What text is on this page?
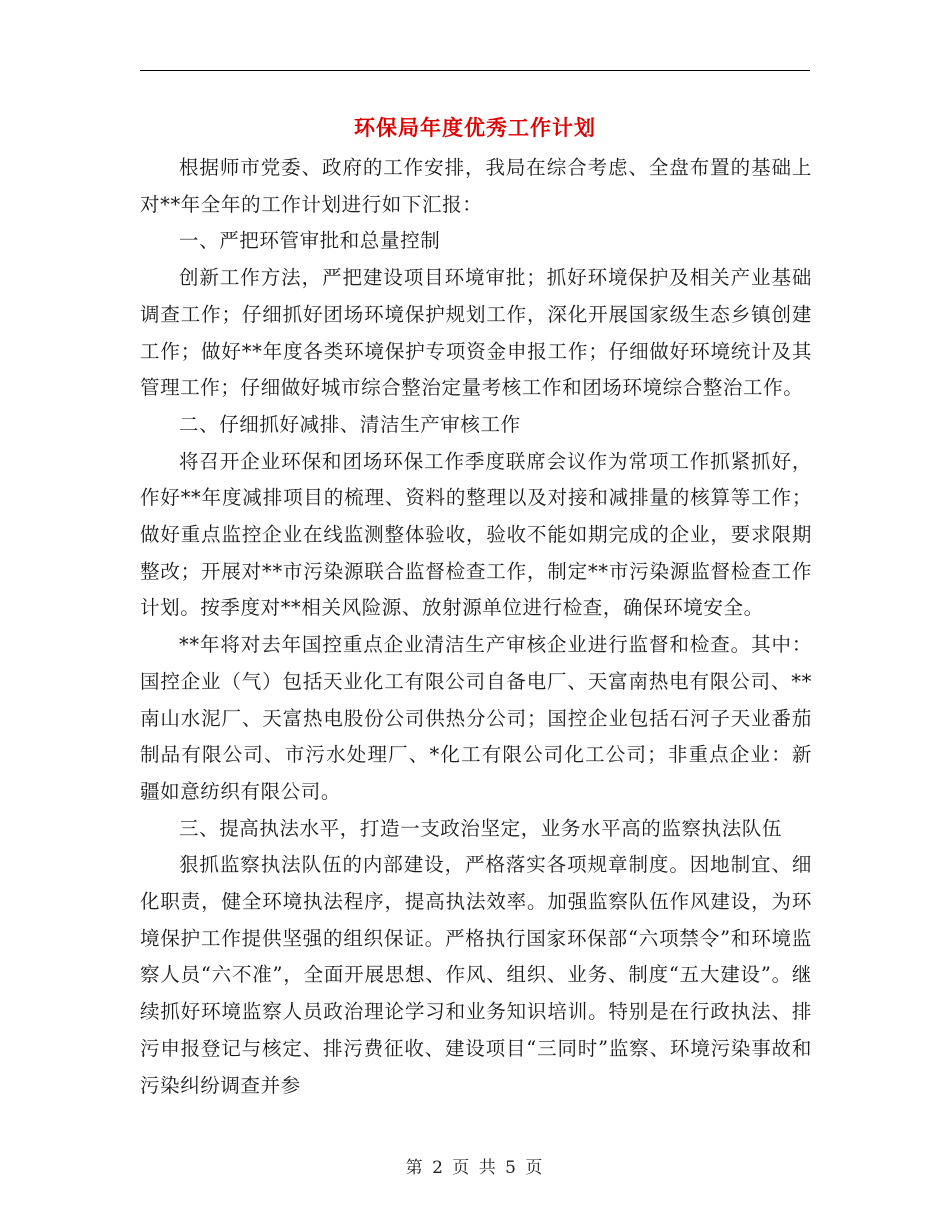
环保局年度优秀工作计划

根据师市党委、政府的工作安排，我局在综合考虑、全盘布置的基础上对**年全年的工作计划进行如下汇报：

一、严把环管审批和总量控制

创新工作方法，严把建设项目环境审批；抓好环境保护及相关产业基础调查工作；仔细抓好团场环境保护规划工作，深化开展国家级生态乡镇创建工作；做好**年度各类环境保护专项资金申报工作；仔细做好环境统计及其管理工作；仔细做好城市综合整治定量考核工作和团场环境综合整治工作。

二、仔细抓好减排、清洁生产审核工作

将召开企业环保和团场环保工作季度联席会议作为常项工作抓紧抓好，作好**年度减排项目的梳理、资料的整理以及对接和减排量的核算等工作；做好重点监控企业在线监测整体验收，验收不能如期完成的企业，要求限期整改；开展对**市污染源联合监督检查工作，制定**市污染源监督检查工作计划。按季度对**相关风险源、放射源单位进行检查，确保环境安全。

**年将对去年国控重点企业清洁生产审核企业进行监督和检查。其中：国控企业（气）包括天业化工有限公司自备电厂、天富南热电有限公司、**南山水泥厂、天富热电股份公司供热分公司；国控企业包括石河子天业番茄制品有限公司、市污水处理厂、*化工有限公司化工公司；非重点企业：新疆如意纺织有限公司。

三、提高执法水平，打造一支政治坚定，业务水平高的监察执法队伍

狠抓监察执法队伍的内部建设，严格落实各项规章制度。因地制宜、细化职责，健全环境执法程序，提高执法效率。加强监察队伍作风建设，为环境保护工作提供坚强的组织保证。严格执行国家环保部“六项禁令”和环境监察人员“六不准”，全面开展思想、作风、组织、业务、制度“五大建设”。继续抓好环境监察人员政治理论学习和业务知识培训。特别是在行政执法、排污申报登记与核定、排污费征收、建设项目“三同时”监察、环境污染事故和污染纠纷调查并参

第 2 页 共 5 页
